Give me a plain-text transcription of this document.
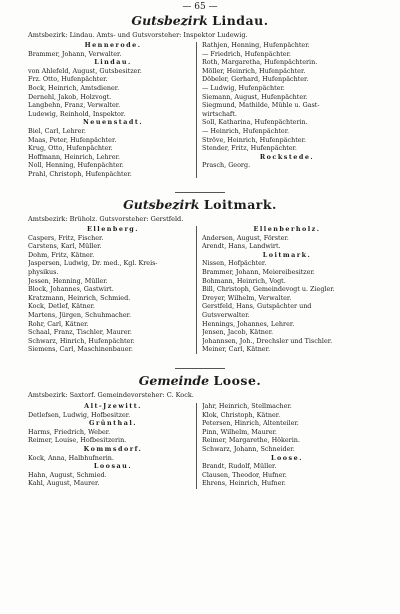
— 65 —
Gutsbezirk Lindau.
Amtsbezirk: Lindau. Amts- und Gutsvorsteher: Inspektor Ludewig.
Hennerode.
Brammer, Johann, Verwalter.
Lindau.
von Ahlefeld, August, Gutsbesitzer.
Frz. Otto, Hufenpächter.
Bock, Heinrich, Amtsdiener.
Dernehl, Jakob, Holzvogt.
Langbehn, Franz, Verwalter.
Ludewig, Reinhold, Inspektor.
Neuenstadt.
Biel, Carl, Lehrer.
Maas, Peter, Hufenpächter.
Krug, Otto, Hufenpächter.
Hoffmann, Heinrich, Lehrer.
Noll, Henning, Hufenpächter.
Prahl, Christoph, Hufenpächter.
Rathjen, Henning, Hufenpächter.
— Friedrich, Hufenpächter.
Roth, Margaretha, Hufenpächterin.
Möller, Heinrich, Hufenpächter.
Döbeler, Gerhard, Hufenpächter.
— Ludwig, Hufenpächter.
Siemann, August, Hufenpächter.
Siegmund, Mathilde, Mühle u. Gast-
wirtschaft.
Soll, Katharina, Hufenpächterin.
— Heinrich, Hufenpächter.
Ströve, Heinrich, Hufenpächter.
Stender, Fritz, Hufenpächter.
Rockstede.
Prasch, Georg.
Gutsbezirk Loitmark.
Amtsbezirk: Brüholz. Gutsvorsteher: Gerstfeld.
Ellenberg.
Caspers, Fritz, Fischer.
Carstens, Karl, Müller.
Dohm, Fritz, Kätner.
Jaspersen, Ludwig, Dr. med., Kgl. Kreis-
physikus.
Jessen, Henning, Müller.
Block, Johannes, Gastwirt.
Kratzmann, Heinrich, Schmied.
Kock, Detlef, Kätner.
Martens, Jürgen, Schuhmacher.
Rohr, Carl, Kätner.
Schaal, Franz, Tischler, Maurer.
Schwarz, Hinrich, Hufenpächter.
Siemens, Carl, Maschinenbauer.
Ellenberholz.
Andersen, August, Förster.
Arendt, Hans, Landwirt.
Loitmark.
Nissen, Hofpächter.
Brammer, Johann, Meiereibesitzer.
Bohmann, Heinrich, Vogt.
Bill, Christoph, Gemeindevogt u. Ziegler.
Dreyer, Wilhelm, Verwalter.
Gerstfeld, Hans, Gutspächter und
Gutsverwalter.
Hennings, Johannes, Lehrer.
Jensen, Jacob, Kätner.
Johannsen, Joh., Drechsler und Tischler.
Meiner, Carl, Kätner.
Gemeinde Loose.
Amtsbezirk: Saxtorf. Gemeindevorsteher: C. Kock.
Alt-Jzewitt.
Detlefsen, Ludwig, Hofbesitzer.
Grünthal.
Harms, Friedrich, Weber.
Reimer, Louise, Hofbesitzerin.
Kommsdorf.
Kock, Anna, Halbhufnerin.
Loosau.
Hahn, August, Schmied.
Kahl, August, Maurer.
Jahr, Heinrich, Stellmacher.
Klok, Christoph, Kätner.
Petersen, Hinrich, Altenteiler.
Pinn, Wilhelm, Maurer.
Reimer, Margarethe, Hökerin.
Schwarz, Johann, Schneider.
Loose.
Brandt, Rudolf, Müller.
Clausen, Theodor, Hufner.
Ehrens, Heinrich, Hufner.
